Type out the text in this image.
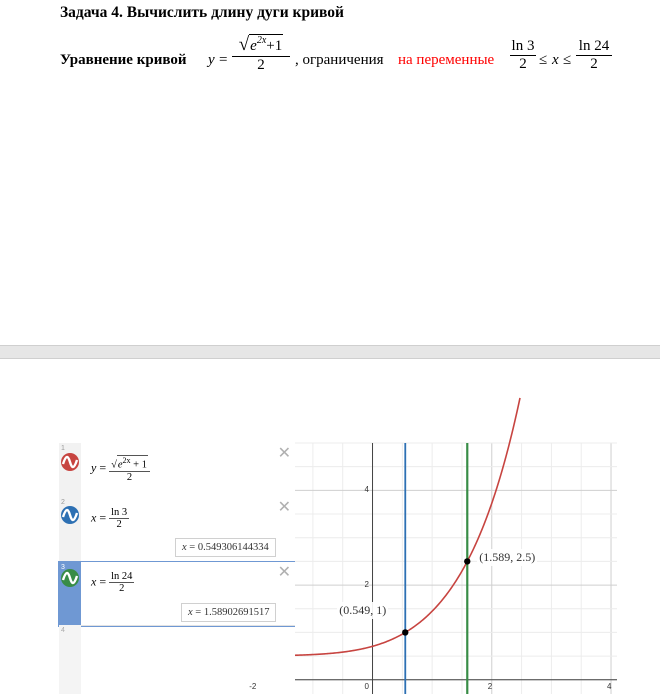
Задача 4. Вычислить длину дуги кривой
Уравнение кривой y =
$√e^{2x}+1$
2	, ограничения на переменные
ln 3
2 ≤ x ≤
ln 24
2
1	✕
$y = \frac{√e^{2x} + 1}{2}$
2	✕
$x = \frac{\ln 3}{2}$
x = 0.549306144334
3	✕
$x = \frac{\ln 24}{2}$
x = 1.58902691517
4
-2	0	2	4
2
4
(0.549, 1)
(1.589, 2.5)
